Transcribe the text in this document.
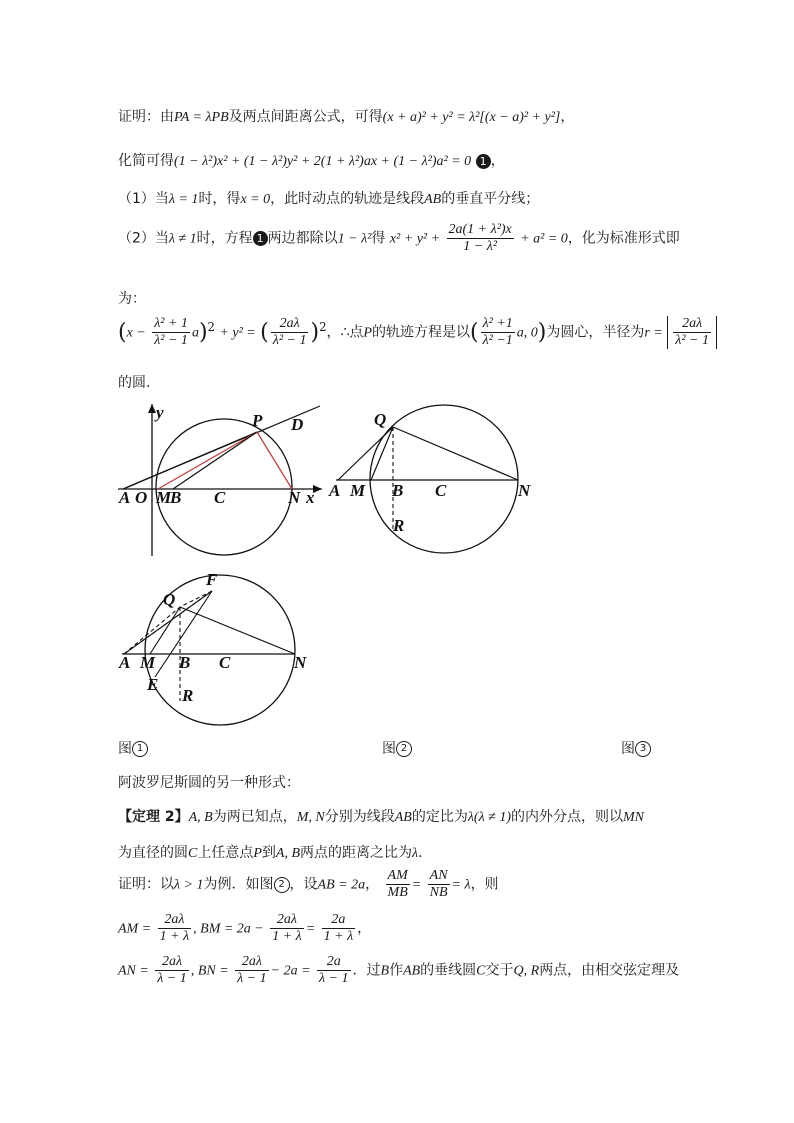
证明：由PA = λPB及两点间距离公式，可得(x + a)² + y² = λ²[(x − a)² + y²]，
化简可得(1 − λ²)x² + (1 − λ²)y² + 2(1 + λ²)ax + (1 − λ²)a² = 0 1 ，
（1）当λ = 1时，得x = 0，此时动点的轨迹是线段AB的垂直平分线；
（2）当λ ≠ 1时，方程 1 两边都除以1 − λ²得 $x^2 + y^2 + \frac{\text{2a(1 + λ²)x}}{\text{1 − λ²}} + a^2 = 0$，化为标准形式即
为：
$(x - \frac{\text{λ² + 1}}{\text{λ² − 1}} a)^2 + y^2$ = ( $\frac{2a\lambda}{\text{λ² − 1}} )^2$，∴点P的轨迹方程是以( $\frac{\text{λ² +1}}{\text{λ² −1}} a$, 0)为圆心，半径为$r = \frac{2a\lambda}{\text{λ² − 1}}$
的圆.
y	P D
A O M
B C	N x
Q
A M B C	N
R
F
Q
A M B C	N
E
R
图 1	图 2	图 3
阿波罗尼斯圆的另一种形式：
【定理 2】A, B为两已知点，M, N分别为线段AB的定比为λ(λ ≠ 1)的内外分点，则以MN
为直径的圆C上任意点P到A, B两点的距离之比为λ.
证明：以λ > 1为例．如图 2 ，设AB = 2a， $\frac{AM}{MB} = \frac{AN}{NB} = \lambda$，则
AM = $\frac{2a\lambda}{1 + \lambda}$ , BM = $2a - \frac{2a\lambda}{1 + \lambda} = \frac{2a}{1 + \lambda}$ ，
AN = $\frac{2a\lambda}{\lambda - 1}$ , BN = $\frac{2a\lambda}{\lambda - 1} - 2a = \frac{2a}{\lambda - 1}$ ．过B作AB的垂线圆C交于Q, R两点，由相交弦定理及
